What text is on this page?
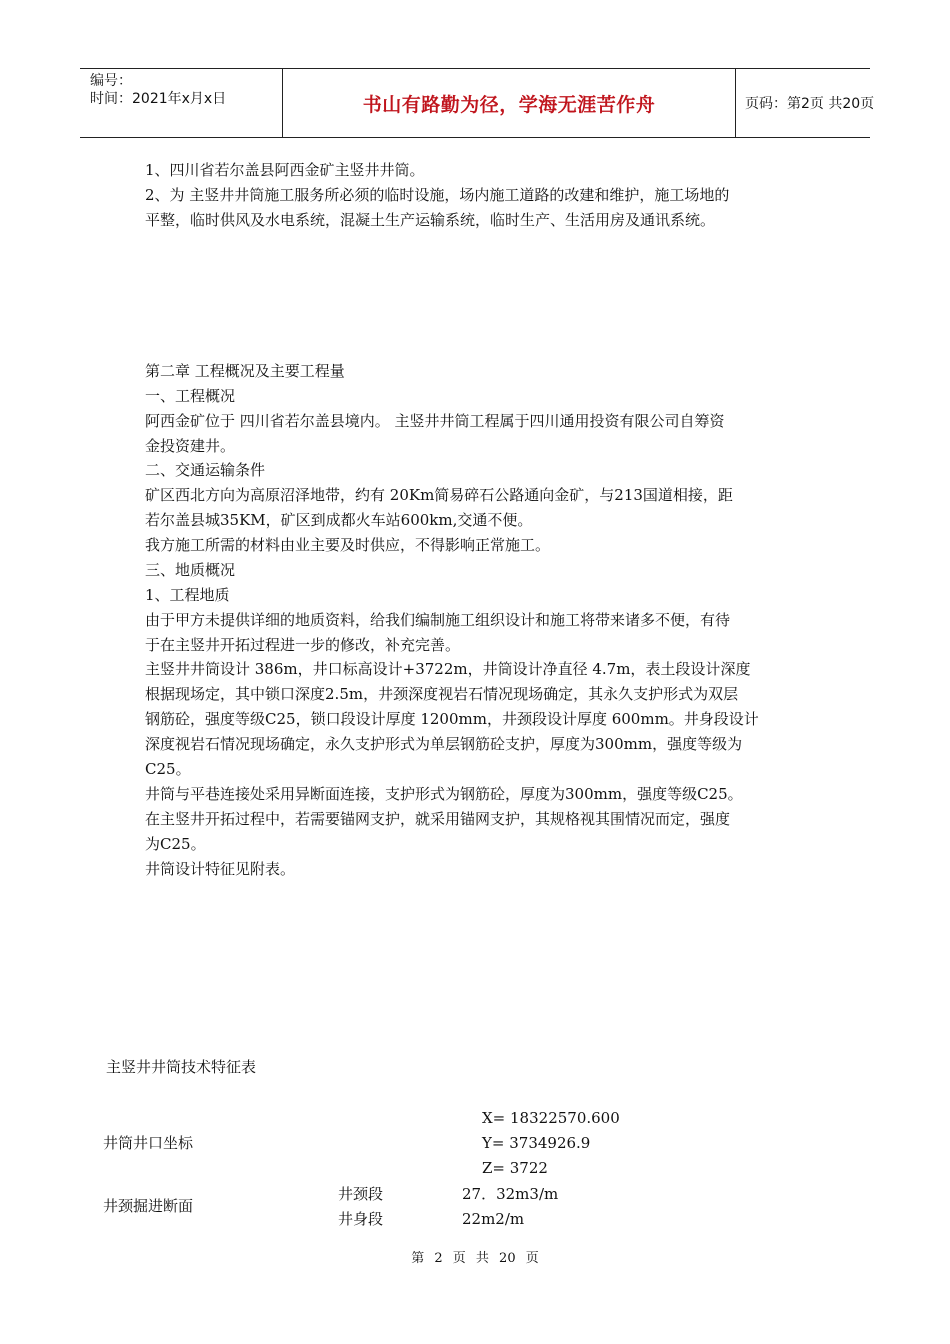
编号：
时间：2021年x月x日	书山有路勤为径，学海无涯苦作舟	页码：第2页 共20页
1、四川省若尔盖县阿西金矿主竖井井筒。
2、为 主竖井井筒施工服务所必须的临时设施，场内施工道路的改建和维护，施工场地的
平整，临时供风及水电系统，混凝土生产运输系统，临时生产、生活用房及通讯系统。
第二章 工程概况及主要工程量
一、工程概况
阿西金矿位于 四川省若尔盖县境内。 主竖井井筒工程属于四川通用投资有限公司自筹资
金投资建井。
二、交通运输条件
矿区西北方向为高原沼泽地带，约有 20Km简易碎石公路通向金矿，与213国道相接，距
若尔盖县城35KM，矿区到成都火车站600km,交通不便。
我方施工所需的材料由业主要及时供应，不得影响正常施工。
三、地质概况
1、工程地质
由于甲方未提供详细的地质资料，给我们编制施工组织设计和施工将带来诸多不便，有待
于在主竖井开拓过程进一步的修改，补充完善。
主竖井井筒设计 386m，井口标高设计+3722m，井筒设计净直径 4.7m，表土段设计深度
根据现场定，其中锁口深度2.5m，井颈深度视岩石情况现场确定，其永久支护形式为双层
钢筋砼，强度等级C25，锁口段设计厚度 1200mm，井颈段设计厚度 600mm。井身段设计
深度视岩石情况现场确定，永久支护形式为单层钢筋砼支护，厚度为300mm，强度等级为
C25。
井筒与平巷连接处采用异断面连接，支护形式为钢筋砼，厚度为300mm，强度等级C25。
在主竖井开拓过程中，若需要锚网支护，就采用锚网支护，其规格视其围情况而定，强度
为C25。
井筒设计特征见附表。
主竖井井筒技术特征表
井筒井口坐标
X= 18322570.600
Y= 3734926.9
Z= 3722
井颈掘进断面
井颈段	27．32m3/m
井身段	22m2/m
第 2 页 共 20 页
